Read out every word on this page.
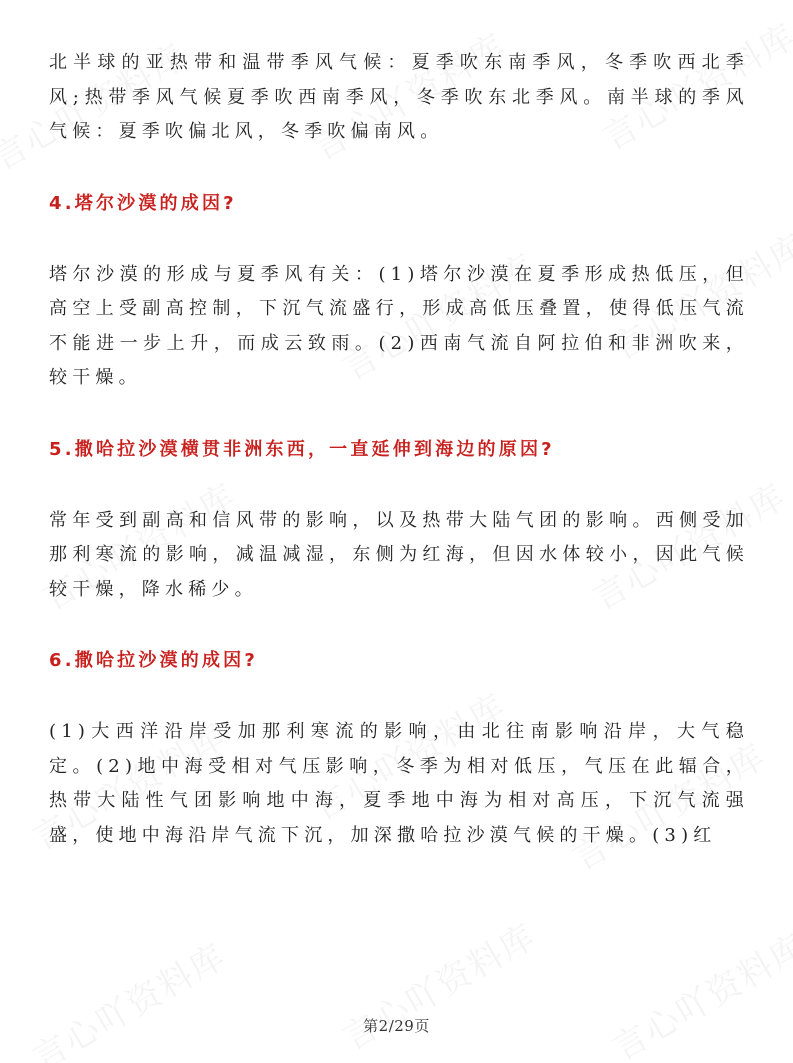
北半球的亚热带和温带季风气候：夏季吹东南季风，冬季吹西北季风;热带季风气候夏季吹西南季风，冬季吹东北季风。南半球的季风气候：夏季吹偏北风，冬季吹偏南风。

4.塔尔沙漠的成因?

塔尔沙漠的形成与夏季风有关：(1)塔尔沙漠在夏季形成热低压，但高空上受副高控制，下沉气流盛行，形成高低压叠置，使得低压气流不能进一步上升，而成云致雨。(2)西南气流自阿拉伯和非洲吹来，较干燥。

5.撒哈拉沙漠横贯非洲东西，一直延伸到海边的原因?

常年受到副高和信风带的影响，以及热带大陆气团的影响。西侧受加那利寒流的影响，减温减湿，东侧为红海，但因水体较小，因此气候较干燥，降水稀少。

6.撒哈拉沙漠的成因?

(1)大西洋沿岸受加那利寒流的影响，由北往南影响沿岸，大气稳定。(2)地中海受相对气压影响，冬季为相对低压，气压在此辐合，热带大陆性气团影响地中海，夏季地中海为相对高压，下沉气流强盛，使地中海沿岸气流下沉，加深撒哈拉沙漠气候的干燥。(3)红

第2/29页
